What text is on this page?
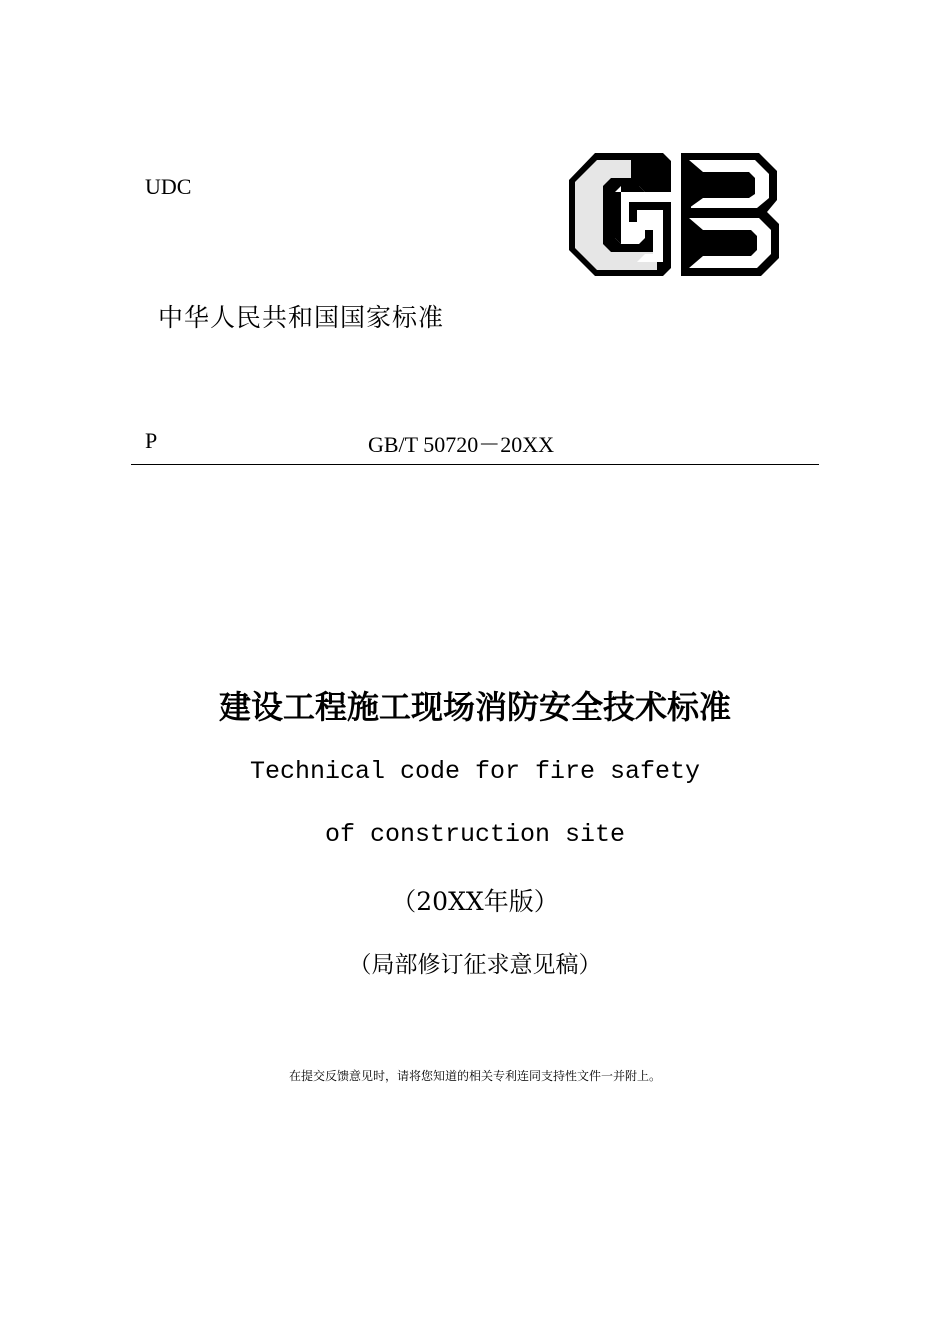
UDC
中华人民共和国国家标准
P	GB/T 50720－20XX
建设工程施工现场消防安全技术标准
Technical code for fire safety
of construction site
（20XX年版）
（局部修订征求意见稿）
在提交反馈意见时，请将您知道的相关专利连同支持性文件一并附上。
